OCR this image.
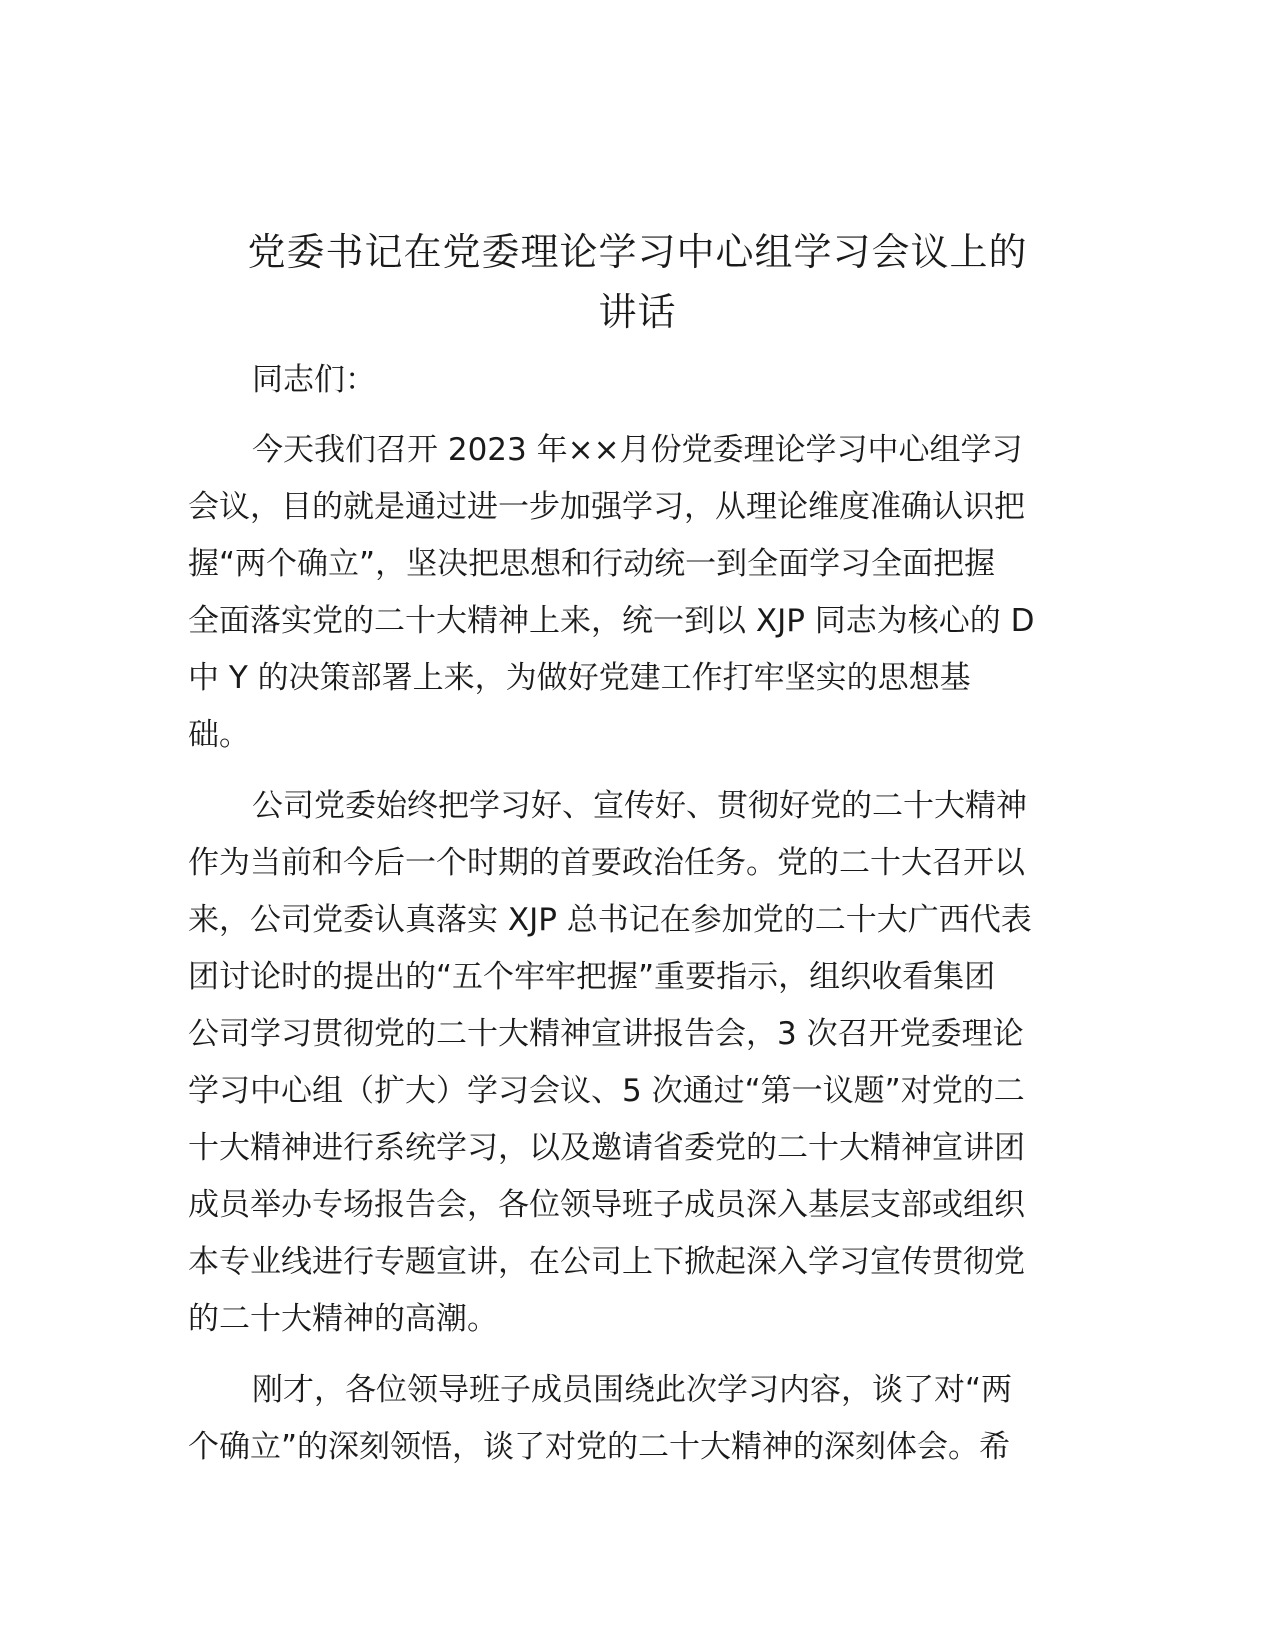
党委书记在党委理论学习中心组学习会议上的
讲话

同志们：

今天我们召开 2023 年××月份党委理论学习中心组学习
会议，目的就是通过进一步加强学习，从理论维度准确认识把
握“两个确立”，坚决把思想和行动统一到全面学习全面把握
全面落实党的二十大精神上来，统一到以 XJP 同志为核心的 D
中 Y 的决策部署上来，为做好党建工作打牢坚实的思想基
础。
公司党委始终把学习好、宣传好、贯彻好党的二十大精神
作为当前和今后一个时期的首要政治任务。党的二十大召开以
来，公司党委认真落实 XJP 总书记在参加党的二十大广西代表
团讨论时的提出的“五个牢牢把握”重要指示，组织收看集团
公司学习贯彻党的二十大精神宣讲报告会，3 次召开党委理论
学习中心组（扩大）学习会议、5 次通过“第一议题”对党的二
十大精神进行系统学习，以及邀请省委党的二十大精神宣讲团
成员举办专场报告会，各位领导班子成员深入基层支部或组织
本专业线进行专题宣讲，在公司上下掀起深入学习宣传贯彻党
的二十大精神的高潮。
刚才，各位领导班子成员围绕此次学习内容，谈了对“两
个确立”的深刻领悟，谈了对党的二十大精神的深刻体会。希
